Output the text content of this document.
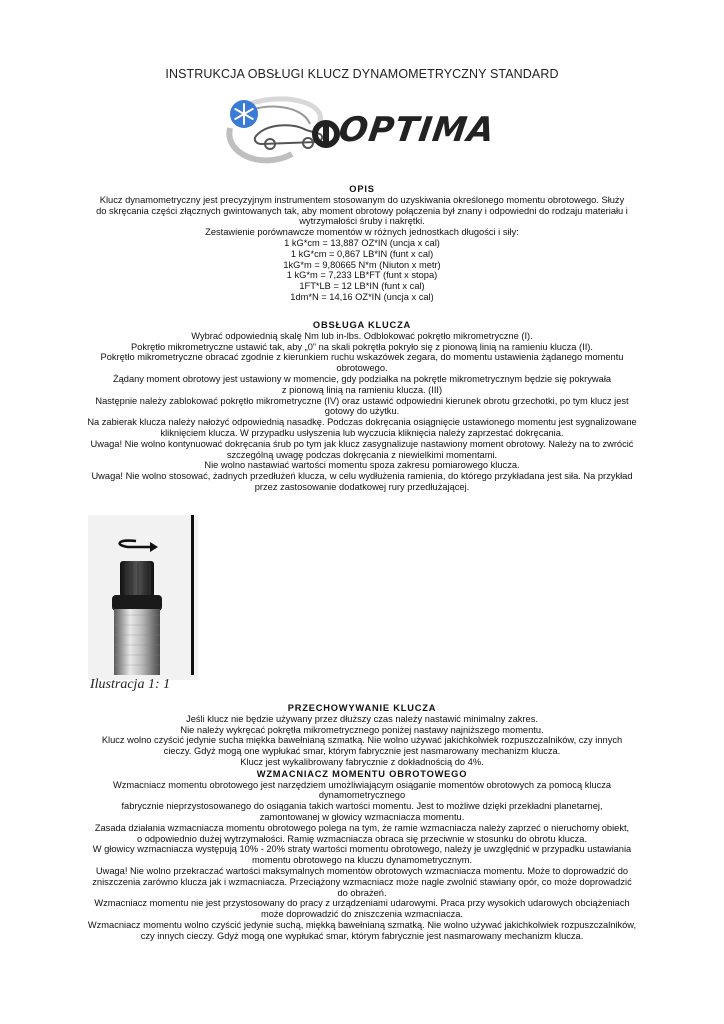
INSTRUKCJA OBSŁUGI KLUCZ DYNAMOMETRYCZNY STANDARD
OPTIMA

OPIS

Klucz dynamometryczny jest precyzyjnym instrumentem stosowanym do uzyskiwania określonego momentu obrotowego. Służy

do skręcania części złącznych gwintowanych tak, aby moment obrotowy połączenia był znany i odpowiedni do rodzaju materiału i

wytrzymałości śruby i nakrętki.

Zestawienie porównawcze momentów w różnych jednostkach długości i siły:

1 kG*cm = 13,887 OZ*IN (uncja x cal)

1 kG*cm = 0,867 LB*IN (funt x cal)

1kG*m = 9,80665 N*m (Niuton x metr)

1 kG*m = 7,233 LB*FT (funt x stopa)

1FT*LB = 12 LB*IN (funt x cal)

1dm*N = 14,16 OZ*IN (uncja x cal)

OBSŁUGA KLUCZA

Wybrać odpowiednią skalę Nm lub in-lbs. Odblokować pokrętło mikrometryczne (I).

Pokrętło mikrometryczne ustawić tak, aby „0” na skali pokrętła pokryło się z pionową linią na ramieniu klucza (II).

Pokrętło mikrometryczne obracać zgodnie z kierunkiem ruchu wskazówek zegara, do momentu ustawienia żądanego momentu

obrotowego.

Żądany moment obrotowy jest ustawiony w momencie, gdy podziałka na pokrętle mikrometrycznym będzie się pokrywała

z pionową linią na ramieniu klucza. (III)

Następnie należy zablokować pokrętło mikrometryczne (IV) oraz ustawić odpowiedni kierunek obrotu grzechotki, po tym klucz jest

gotowy do użytku.

Na zabierak klucza należy nałożyć odpowiednią nasadkę. Podczas dokręcania osiągnięcie ustawionego momentu jest sygnalizowane

kliknięciem klucza. W przypadku usłyszenia lub wyczucia kliknięcia należy zaprzestać dokręcania.

Uwaga! Nie wolno kontynuować dokręcania śrub po tym jak klucz zasygnalizuje nastawiony moment obrotowy. Należy na to zwrócić

szczególną uwagę podczas dokręcania z niewielkimi momentami.

Nie wolno nastawiać wartości momentu spoza zakresu pomiarowego klucza.

Uwaga! Nie wolno stosować, żadnych przedłużeń klucza, w celu wydłużenia ramienia, do którego przykładana jest siła. Na przykład

przez zastosowanie dodatkowej rury przedłużającej.

Ilustracja 1: 1

PRZECHOWYWANIE KLUCZA

Jeśli klucz nie będzie używany przez dłuższy czas należy nastawić minimalny zakres.

Nie należy wykręcać pokrętła mikrometrycznego poniżej nastawy najniższego momentu.

Klucz wolno czyścić jedynie sucha miękka bawełnianą szmatką. Nie wolno używać jakichkolwiek rozpuszczalników, czy innych

cieczy. Gdyż mogą one wypłukać smar, którym fabrycznie jest nasmarowany mechanizm klucza.

Klucz jest wykalibrowany fabrycznie z dokładnością do 4%.

WZMACNIACZ MOMENTU OBROTOWEGO

Wzmacniacz momentu obrotowego jest narzędziem umożliwiającym osiąganie momentów obrotowych za pomocą klucza

dynamometrycznego

fabrycznie nieprzystosowanego do osiągania takich wartości momentu. Jest to możliwe dzięki przekładni planetarnej,

zamontowanej w głowicy wzmacniacza momentu.

Zasada działania wzmacniacza momentu obrotowego polega na tym, że ramie wzmacniacza należy zaprzeć o nieruchomy obiekt,

o odpowiednio dużej wytrzymałości. Ramię wzmacniacza obraca się przeciwnie w stosunku do obrotu klucza.

W głowicy wzmacniacza występują 10% - 20% straty wartości momentu obrotowego, należy je uwzględnić w przypadku ustawiania

momentu obrotowego na kluczu dynamometrycznym.

Uwaga! Nie wolno przekraczać wartości maksymalnych momentów obrotowych wzmacniacza momentu. Może to doprowadzić do

zniszczenia zarówno klucza jak i wzmacniacza. Przeciążony wzmacniacz może nagle zwolnić stawiany opór, co może doprowadzić

do obrażeń.

Wzmacniacz momentu nie jest przystosowany do pracy z urządzeniami udarowymi. Praca przy wysokich udarowych obciążeniach

może doprowadzić do zniszczenia wzmacniacza.

Wzmacniacz momentu wolno czyścić jedynie suchą, miękką bawełnianą szmatką. Nie wolno używać jakichkolwiek rozpuszczalników,

czy innych cieczy. Gdyż mogą one wypłukać smar, którym fabrycznie jest nasmarowany mechanizm klucza.
